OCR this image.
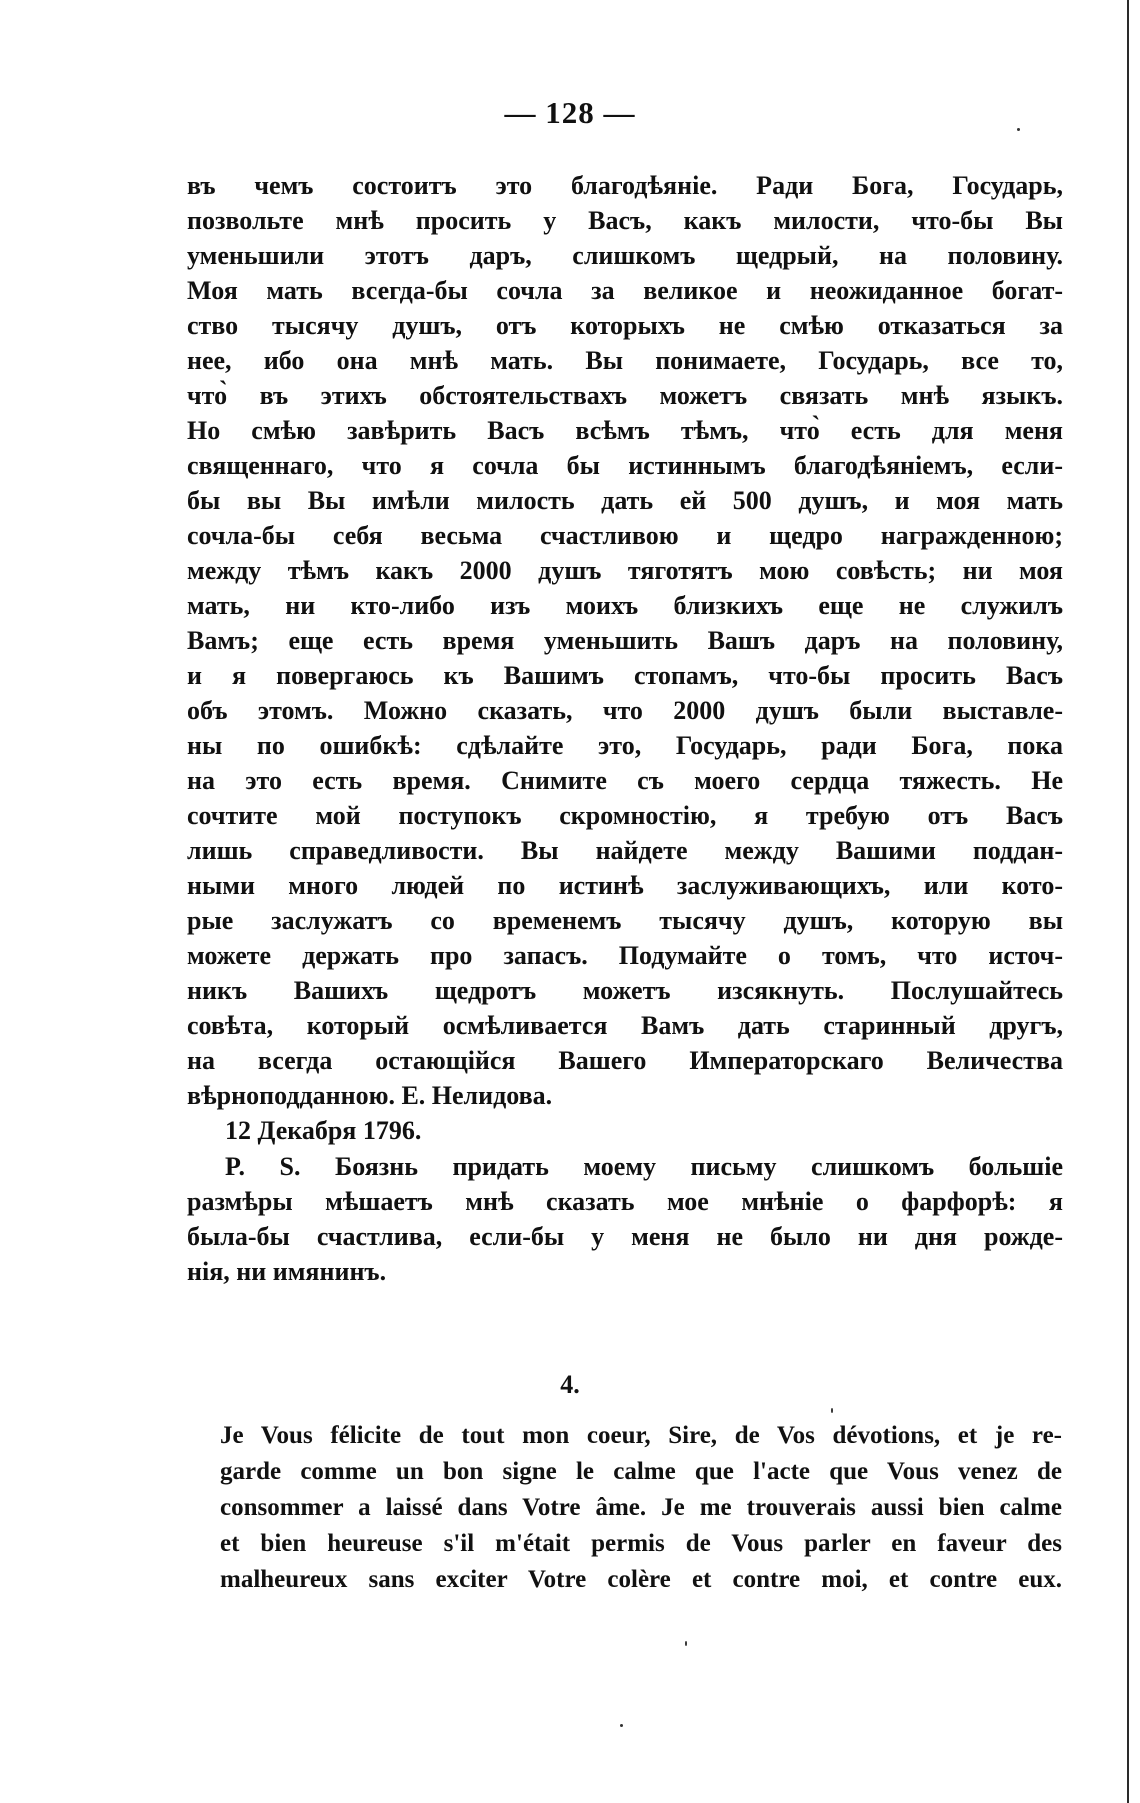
— 128 —
въ чемъ состоитъ это благодѣяніе. Ради Бога, Государь,
позвольте мнѣ просить у Васъ, какъ милости, что-бы Вы
уменьшили этотъ даръ, слишкомъ щедрый, на половину.
Моя мать всегда-бы сочла за великое и неожиданное богат-
ство тысячу душъ, отъ которыхъ не смѣю отказаться за
нее, ибо она мнѣ мать. Вы понимаете, Государь, все то,
что̀ въ этихъ обстоятельствахъ можетъ связать мнѣ языкъ.
Но смѣю завѣрить Васъ всѣмъ тѣмъ, что̀ есть для меня
священнаго, что я сочла бы истиннымъ благодѣяніемъ, если-
бы вы Вы имѣли милость дать ей 500 душъ, и моя мать
сочла-бы себя весьма счастливою и щедро награжденною;
между тѣмъ какъ 2000 душъ тяготятъ мою совѣсть; ни моя
мать, ни кто-либо изъ моихъ близкихъ еще не служилъ
Вамъ; еще есть время уменьшить Вашъ даръ на половину,
и я повергаюсь къ Вашимъ стопамъ, что-бы просить Васъ
объ этомъ. Можно сказать, что 2000 душъ были выставле-
ны по ошибкѣ: сдѣлайте это, Государь, ради Бога, пока
на это есть время. Снимите съ моего сердца тяжесть. Не
сочтите мой поступокъ скромностію, я требую отъ Васъ
лишь справедливости. Вы найдете между Вашими поддан-
ными много людей по истинѣ заслуживающихъ, или кото-
рые заслужатъ со временемъ тысячу душъ, которую вы
можете держать про запасъ. Подумайте о томъ, что источ-
никъ Вашихъ щедротъ можетъ изсякнуть. Послушайтесь
совѣта, который осмѣливается Вамъ дать старинный другъ,
на всегда остающійся Вашего Императорскаго Величества
вѣрноподданною. Е. Нелидова.
12 Декабря 1796.
P. S. Боязнь придать моему письму слишкомъ большіе
размѣры мѣшаетъ мнѣ сказать мое мнѣніе о фарфорѣ: я
была-бы счастлива, если-бы у меня не было ни дня рожде-
нія, ни имянинъ.
4.
Je Vous félicite de tout mon coeur, Sire, de Vos dévotions, et je re-
garde comme un bon signe le calme que l'acte que Vous venez de
consommer a laissé dans Votre âme. Je me trouverais aussi bien calme
et bien heureuse s'il m'était permis de Vous parler en faveur des
malheureux sans exciter Votre colère et contre moi, et contre eux.
